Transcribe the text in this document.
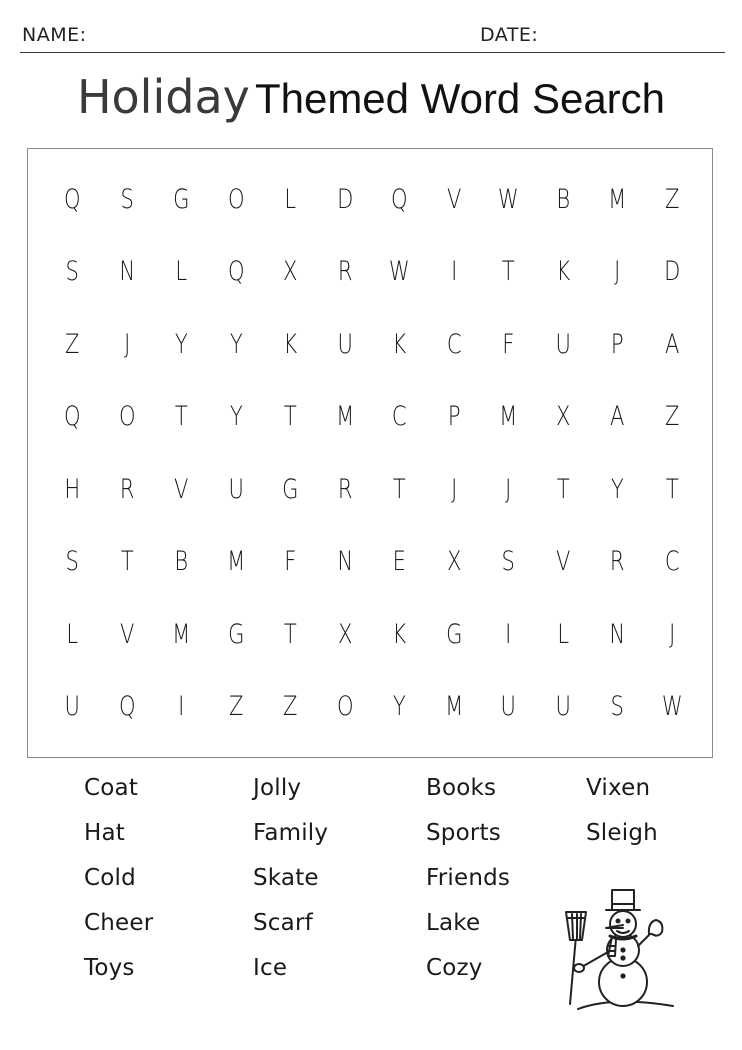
NAME:	DATE:
Holiday Themed Word Search
Q	S	G	O	L	D	Q	V	W	B	M	Z
S	N	L	Q	X	R	W	I	T	K	J	D
Z	J	Y	Y	K	U	K	C	F	U	P	A
Q	O	T	Y	T	M	C	P	M	X	A	Z
H	R	V	U	G	R	T	J	J	T	Y	T
S	T	B	M	F	N	E	X	S	V	R	C
L	V	M	G	T	X	K	G	I	L	N	J
U	Q	I	Z	Z	O	Y	M	U	U	S	W
Coat
Hat
Cold
Cheer
Toys
Jolly
Family
Skate
Scarf
Ice
Books
Sports
Friends
Lake
Cozy
Vixen
Sleigh
